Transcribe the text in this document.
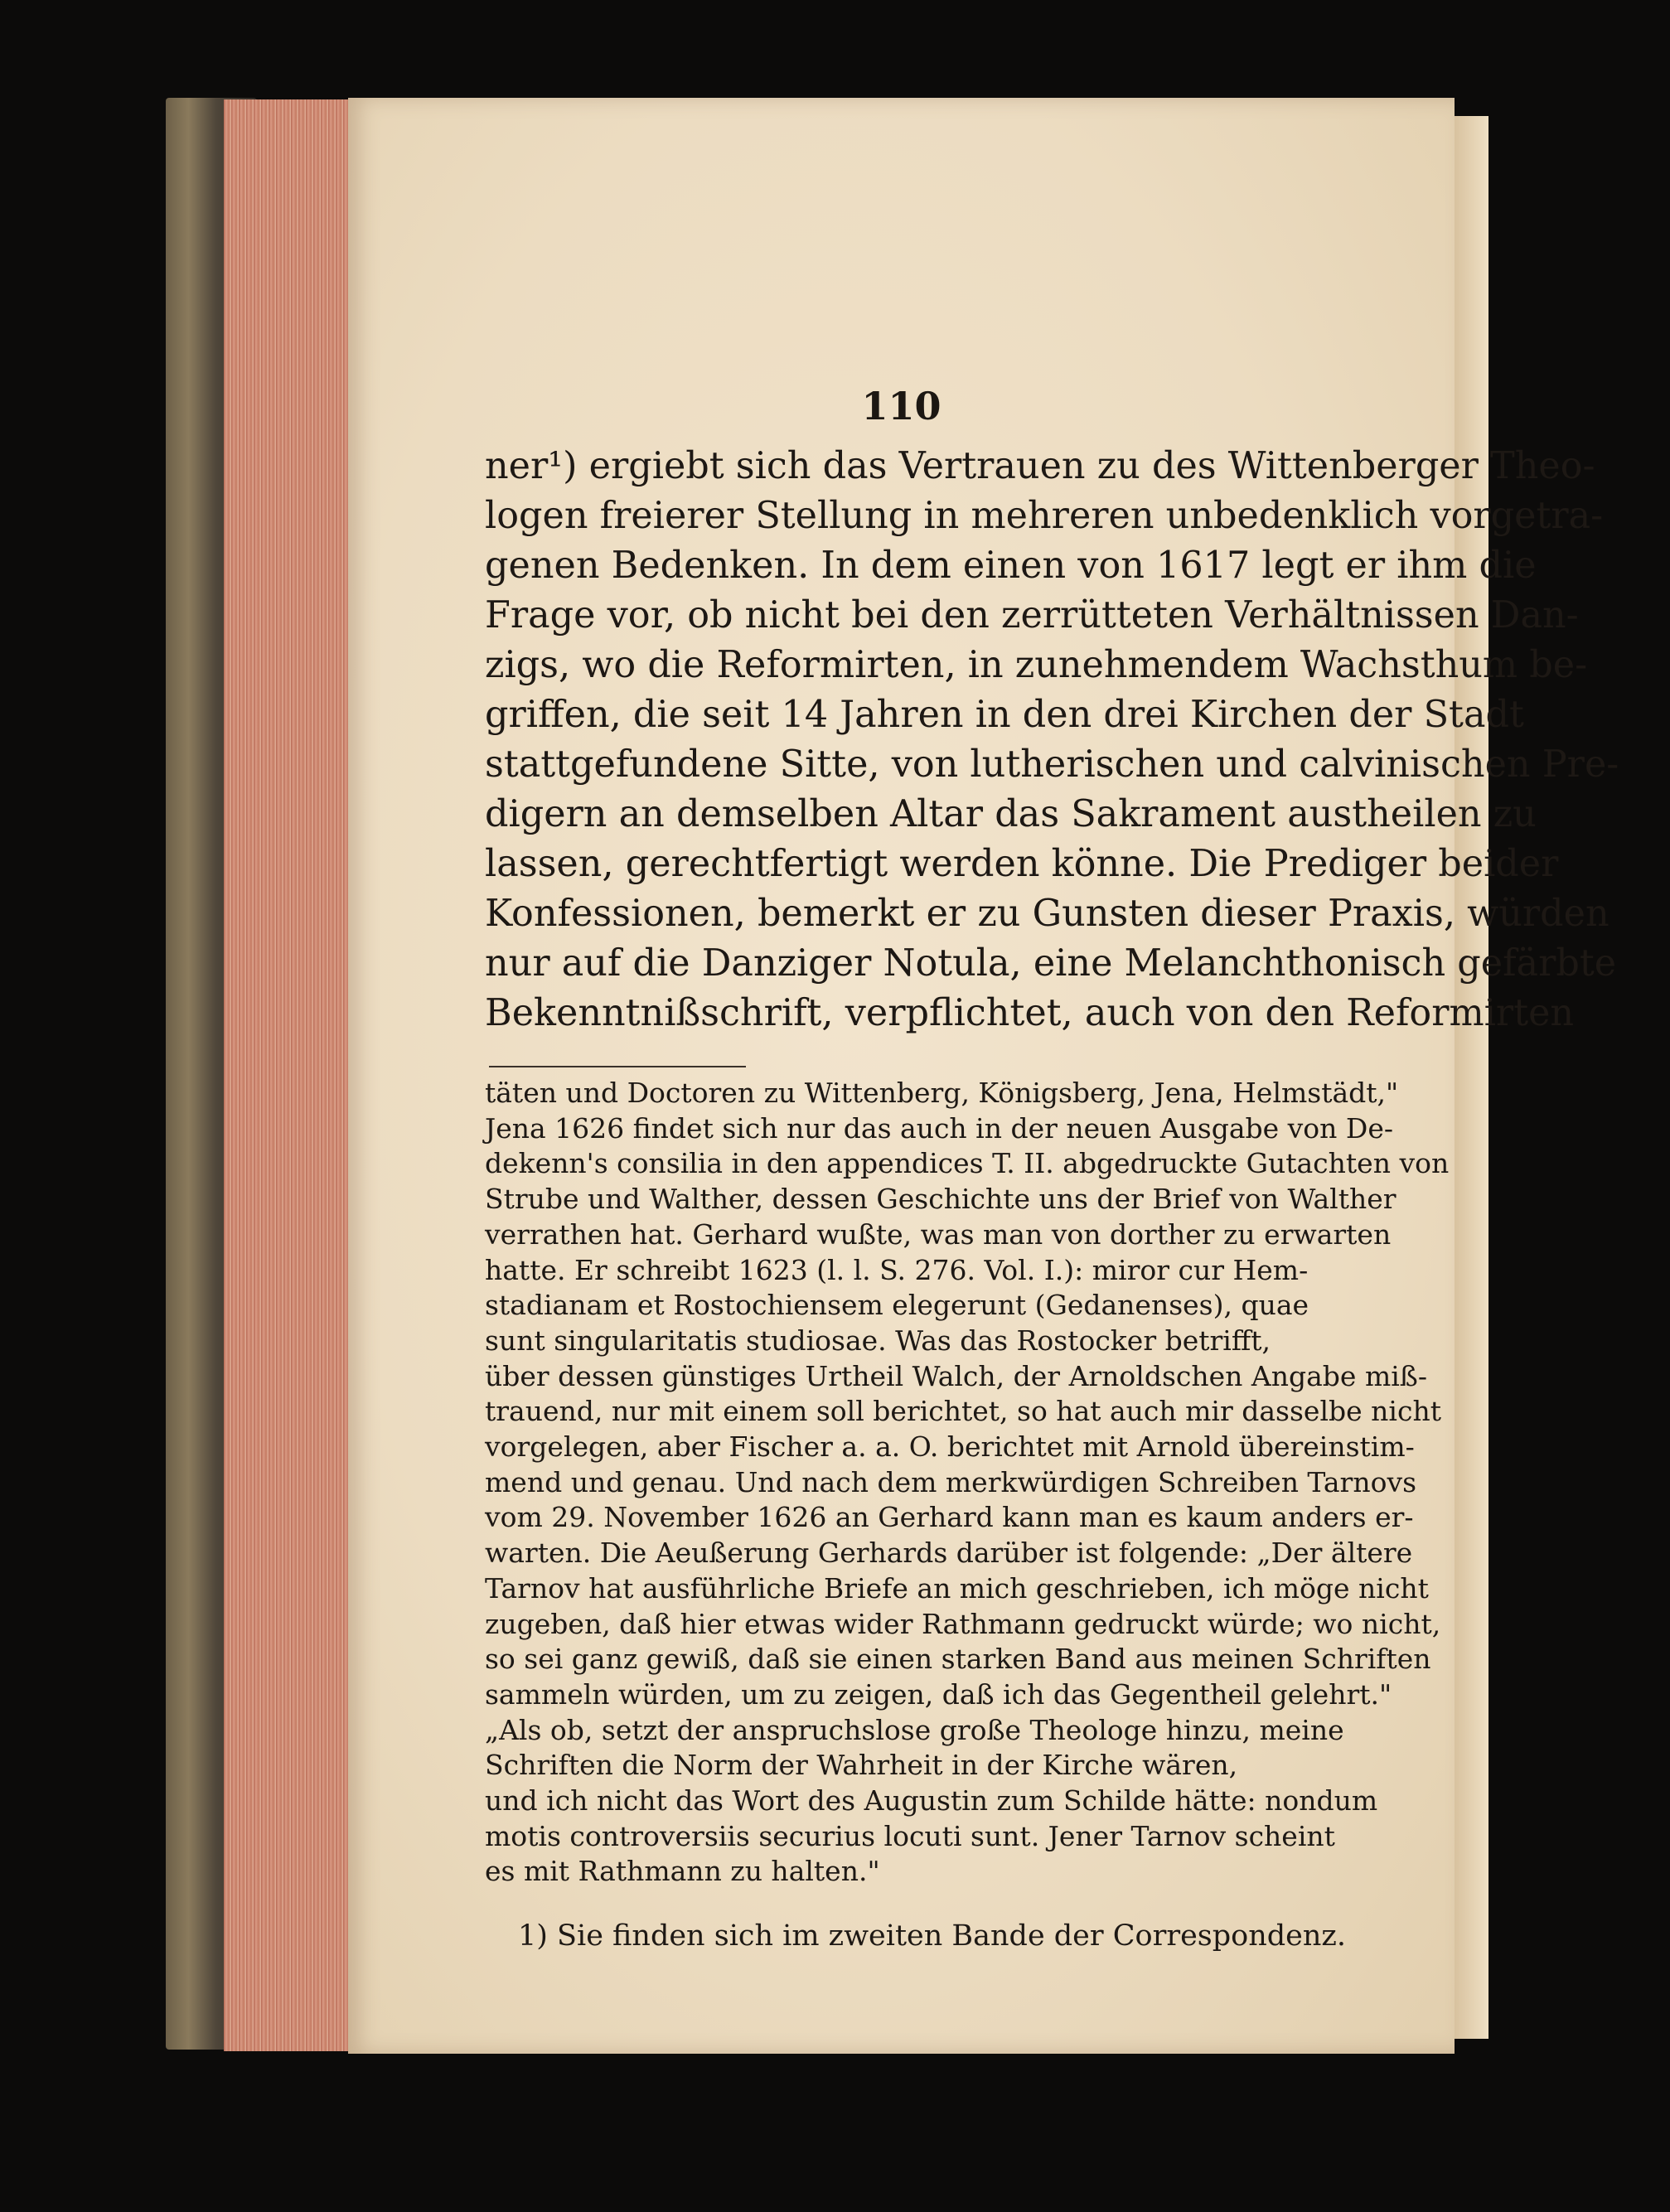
110
ner¹) ergiebt sich das Vertrauen zu des Wittenberger Theo-
logen freierer Stellung in mehreren unbedenklich vorgetra-
genen Bedenken. In dem einen von 1617 legt er ihm die
Frage vor, ob nicht bei den zerrütteten Verhältnissen Dan-
zigs, wo die Reformirten, in zunehmendem Wachsthum be-
griffen, die seit 14 Jahren in den drei Kirchen der Stadt
stattgefundene Sitte, von lutherischen und calvinischen Pre-
digern an demselben Altar das Sakrament austheilen zu
lassen, gerechtfertigt werden könne. Die Prediger beider
Konfessionen, bemerkt er zu Gunsten dieser Praxis, würden
nur auf die Danziger Notula, eine Melanchthonisch gefärbte
Bekenntnißschrift, verpflichtet, auch von den Reformirten
täten und Doctoren zu Wittenberg, Königsberg, Jena, Helmstädt,"
Jena 1626 findet sich nur das auch in der neuen Ausgabe von De-
dekenn's consilia in den appendices T. II. abgedruckte Gutachten von
Strube und Walther, dessen Geschichte uns der Brief von Walther
verrathen hat. Gerhard wußte, was man von dorther zu erwarten
hatte. Er schreibt 1623 (l. l. S. 276. Vol. I.): miror cur Hem-
stadianam et Rostochiensem elegerunt (Gedanenses), quae
sunt singularitatis studiosae. Was das Rostocker betrifft,
über dessen günstiges Urtheil Walch, der Arnoldschen Angabe miß-
trauend, nur mit einem soll berichtet, so hat auch mir dasselbe nicht
vorgelegen, aber Fischer a. a. O. berichtet mit Arnold übereinstim-
mend und genau. Und nach dem merkwürdigen Schreiben Tarnovs
vom 29. November 1626 an Gerhard kann man es kaum anders er-
warten. Die Aeußerung Gerhards darüber ist folgende: „Der ältere
Tarnov hat ausführliche Briefe an mich geschrieben, ich möge nicht
zugeben, daß hier etwas wider Rathmann gedruckt würde; wo nicht,
so sei ganz gewiß, daß sie einen starken Band aus meinen Schriften
sammeln würden, um zu zeigen, daß ich das Gegentheil gelehrt."
„Als ob, setzt der anspruchslose große Theologe hinzu, meine
Schriften die Norm der Wahrheit in der Kirche wären,
und ich nicht das Wort des Augustin zum Schilde hätte: nondum
motis controversiis securius locuti sunt. Jener Tarnov scheint
es mit Rathmann zu halten."
1) Sie finden sich im zweiten Bande der Correspondenz.
